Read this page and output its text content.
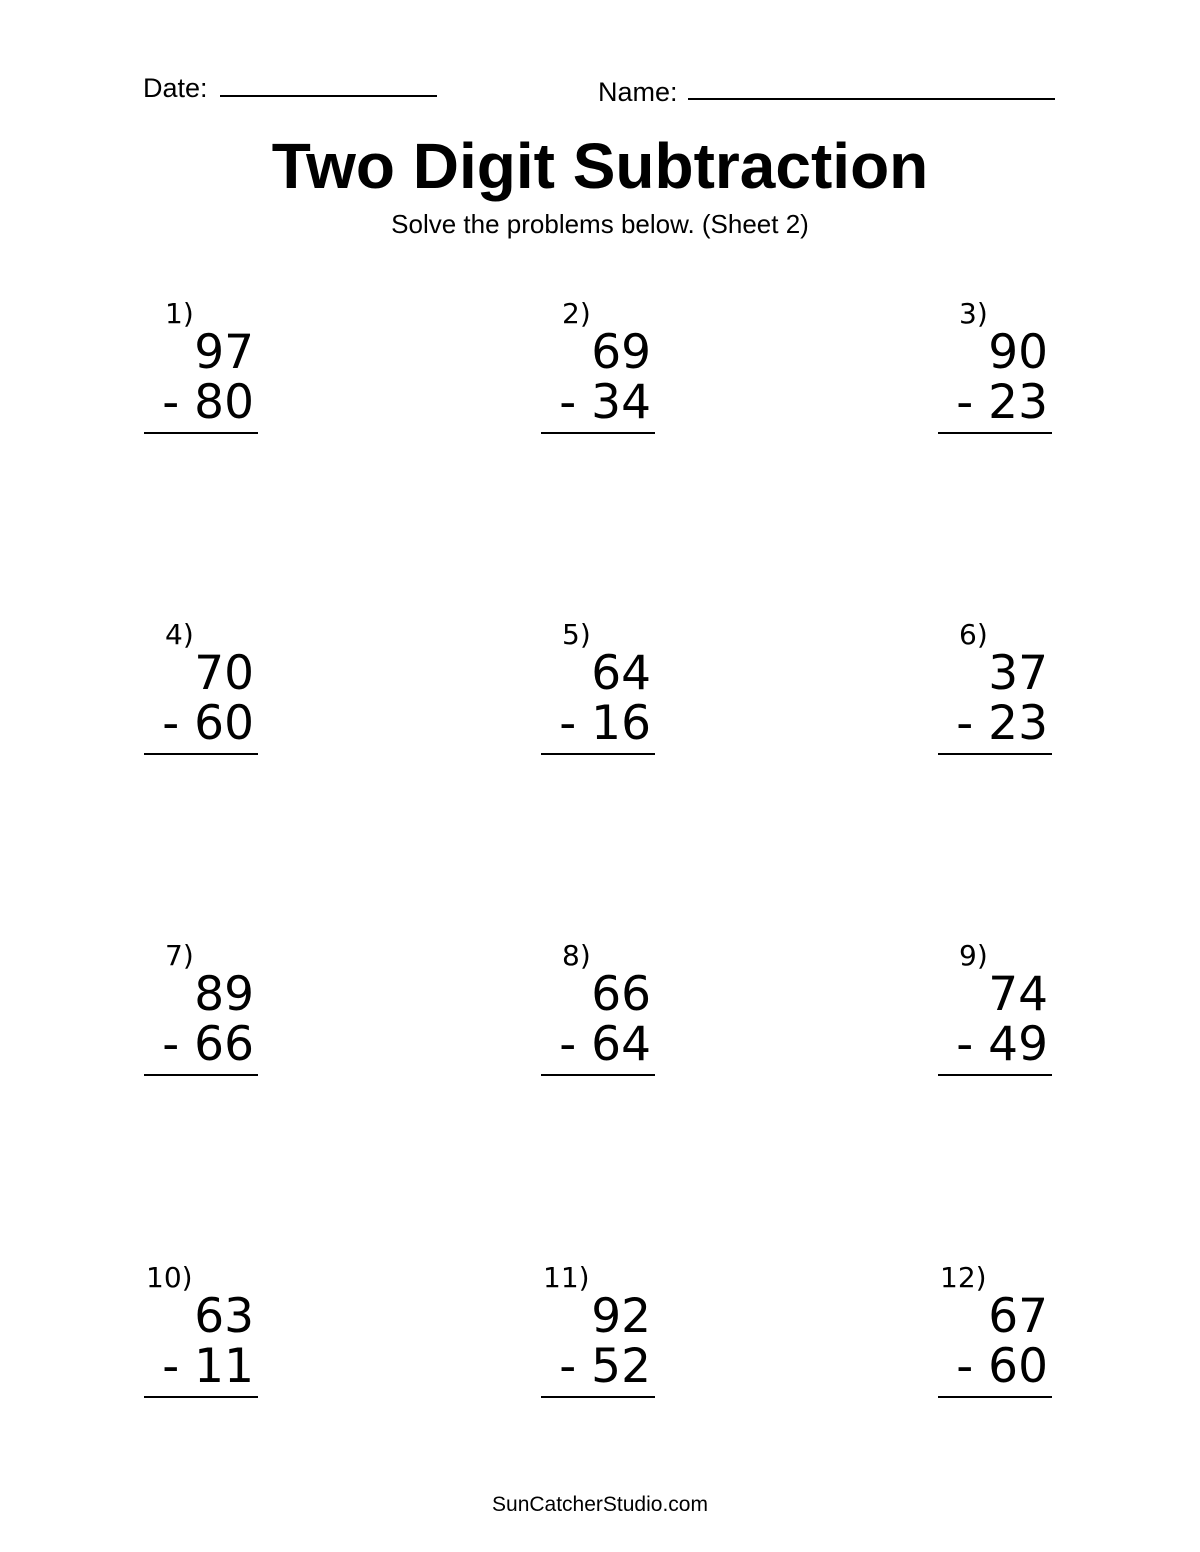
Date:	Name:
Two Digit Subtraction
Solve the problems below. (Sheet 2)
1)
97
- 80
2)
69
- 34
3)
90
- 23
4)
70
- 60
5)
64
- 16
6)
37
- 23
7)
89
- 66
8)
66
- 64
9)
74
- 49
10)
63
- 11
11)
92
- 52
12)
67
- 60
SunCatcherStudio.com
